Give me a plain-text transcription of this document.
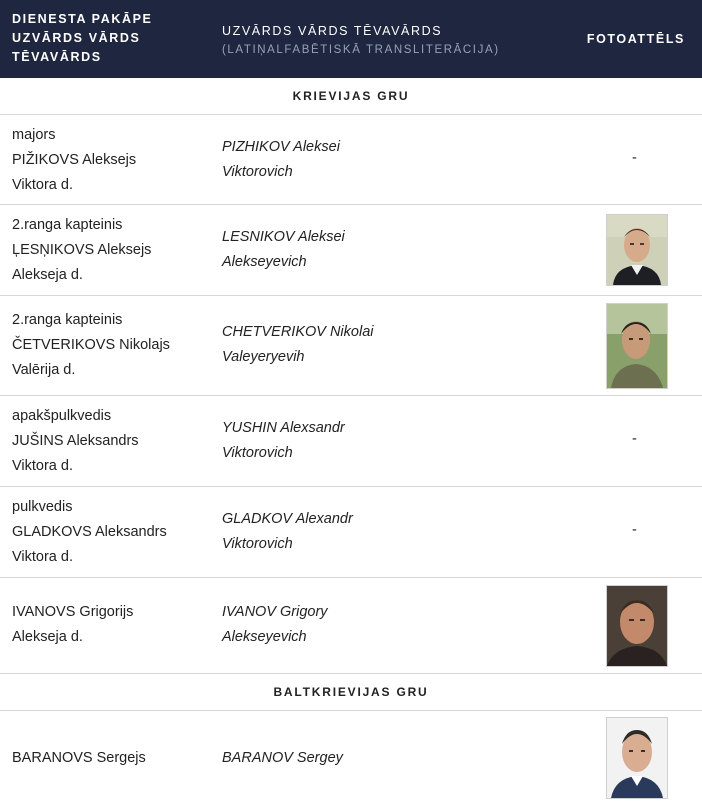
DIENESTA PAKĀPE
UZVĀRDS VĀRDS
TĒVAVĀRDS
UZVĀRDS VĀRDS TĒVAVĀRDS
(LATIŅALFABĒTISKĀ TRANSLITERĀCIJA)
FOTOATTĒLS
KRIEVIJAS GRU
majors
PIŽIKOVS Aleksejs
Viktora d.
PIZHIKOV Aleksei
Viktorovich
-
2.ranga kapteinis
ĻESŅIKOVS Aleksejs
Alekseja d.
LESNIKOV Aleksei
Alekseyevich
2.ranga kapteinis
ČETVERIKOVS Nikolajs
Valērija d.
CHETVERIKOV Nikolai
Valeyeryevih
apakšpulkvedis
JUŠINS Aleksandrs
Viktora d.
YUSHIN Alexsandr
Viktorovich
-
pulkvedis
GLADKOVS Aleksandrs
Viktora d.
GLADKOV Alexandr
Viktorovich
-
IVANOVS Grigorijs
Alekseja d.
IVANOV Grigory
Alekseyevich
BALTKRIEVIJAS GRU
BARANOVS Sergejs	BARANOV Sergey
